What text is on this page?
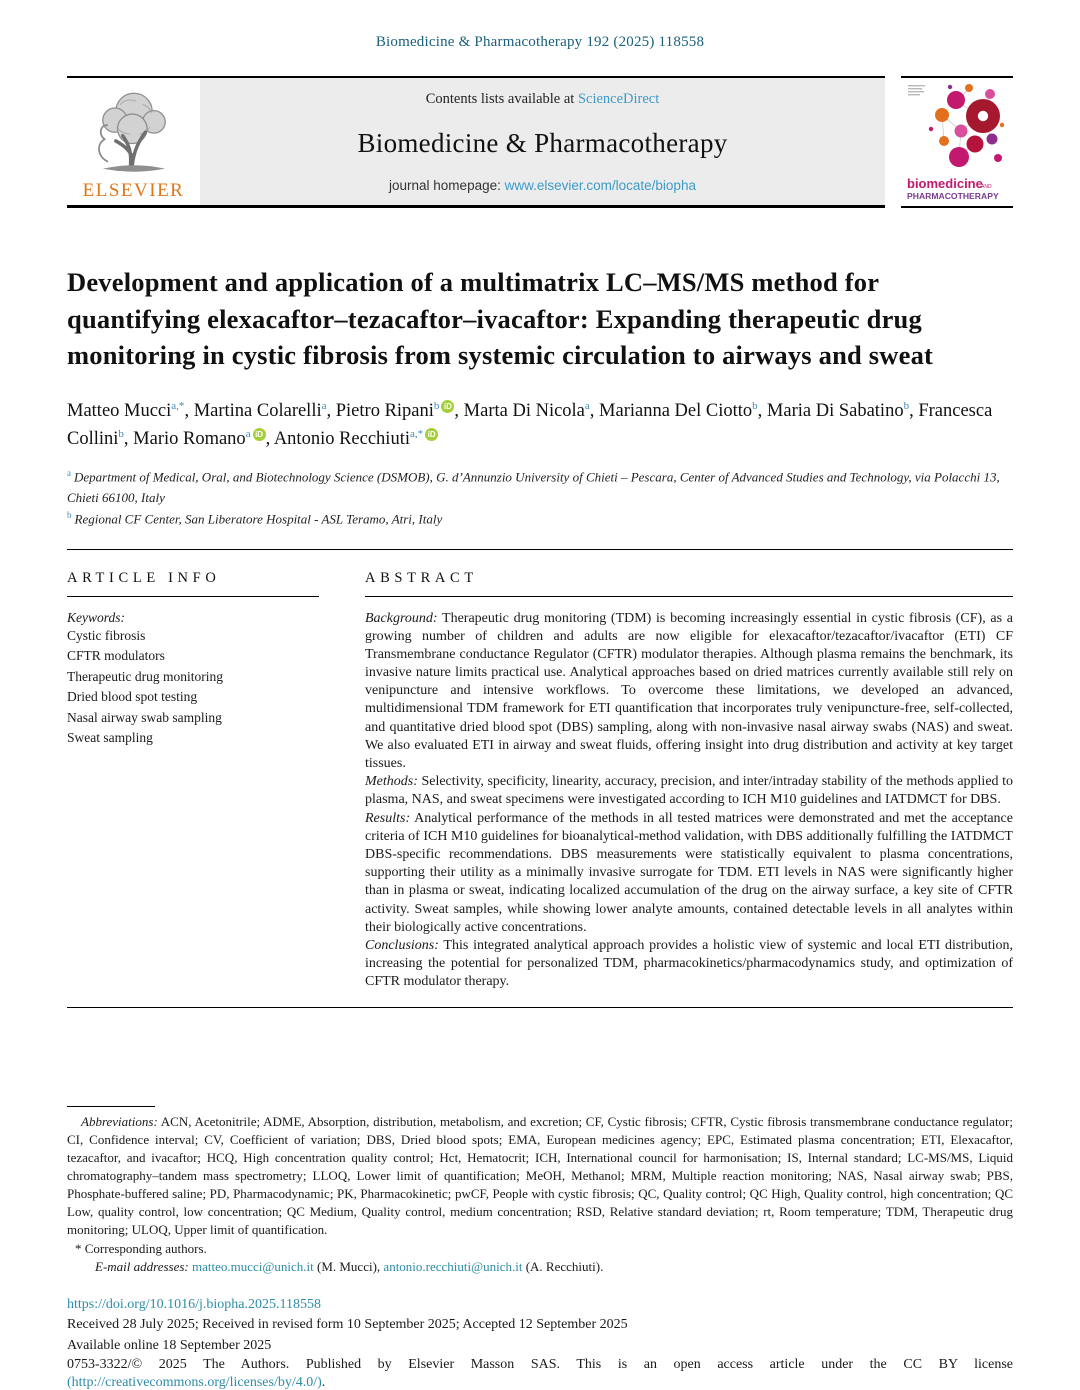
Biomedicine & Pharmacotherapy 192 (2025) 118558
ELSEVIER
Contents lists available at ScienceDirect
Biomedicine & Pharmacotherapy
journal homepage: www.elsevier.com/locate/biopha	biomedicine
AND
PHARMACOTHERAPY
Development and application of a multimatrix LC–MS/MS method for quantifying elexacaftor–tezacaftor–ivacaftor: Expanding therapeutic drug monitoring in cystic fibrosis from systemic circulation to airways and sweat
Matteo Mucci$^{a,*}$, Martina Colarelli$^a$, Pietro Ripani$^b$ iD , Marta Di Nicola$^a$, Marianna Del Ciotto$^b$, Maria Di Sabatino$^b$, Francesca Collini$^b$, Mario Romano$^a$ iD , Antonio Recchiuti$^{a,*}$ iD
$^a$ Department of Medical, Oral, and Biotechnology Science (DSMOB), G. d’Annunzio University of Chieti – Pescara, Center of Advanced Studies and Technology, via Polacchi 13, Chieti 66100, Italy
$^b$ Regional CF Center, San Liberatore Hospital - ASL Teramo, Atri, Italy
ARTICLE INFO
Keywords:
Cystic fibrosis
CFTR modulators
Therapeutic drug monitoring
Dried blood spot testing
Nasal airway swab sampling
Sweat sampling
ABSTRACT

Background: Therapeutic drug monitoring (TDM) is becoming increasingly essential in cystic fibrosis (CF), as a growing number of children and adults are now eligible for elexacaftor/tezacaftor/ivacaftor (ETI) CF Transmembrane conductance Regulator (CFTR) modulator therapies. Although plasma remains the benchmark, its invasive nature limits practical use. Analytical approaches based on dried matrices currently available still rely on venipuncture and intensive workflows. To overcome these limitations, we developed an advanced, multidimensional TDM framework for ETI quantification that incorporates truly venipuncture-free, self-collected, and quantitative dried blood spot (DBS) sampling, along with non-invasive nasal airway swabs (NAS) and sweat. We also evaluated ETI in airway and sweat fluids, offering insight into drug distribution and activity at key target tissues.

Methods: Selectivity, specificity, linearity, accuracy, precision, and inter/intraday stability of the methods applied to plasma, NAS, and sweat specimens were investigated according to ICH M10 guidelines and IATDMCT for DBS.

Results: Analytical performance of the methods in all tested matrices were demonstrated and met the acceptance criteria of ICH M10 guidelines for bioanalytical-method validation, with DBS additionally fulfilling the IATDMCT DBS-specific recommendations. DBS measurements were statistically equivalent to plasma concentrations, supporting their utility as a minimally invasive surrogate for TDM. ETI levels in NAS were significantly higher than in plasma or sweat, indicating localized accumulation of the drug on the airway surface, a key site of CFTR activity. Sweat samples, while showing lower analyte amounts, contained detectable levels in all analytes within their biologically active concentrations.

Conclusions: This integrated analytical approach provides a holistic view of systemic and local ETI distribution, increasing the potential for personalized TDM, pharmacokinetics/pharmacodynamics study, and optimization of CFTR modulator therapy.

Abbreviations: ACN, Acetonitrile; ADME, Absorption, distribution, metabolism, and excretion; CF, Cystic fibrosis; CFTR, Cystic fibrosis transmembrane conductance regulator; CI, Confidence interval; CV, Coefficient of variation; DBS, Dried blood spots; EMA, European medicines agency; EPC, Estimated plasma concentration; ETI, Elexacaftor, tezacaftor, and ivacaftor; HCQ, High concentration quality control; Hct, Hematocrit; ICH, International council for harmonisation; IS, Internal standard; LC-MS/MS, Liquid chromatography–tandem mass spectrometry; LLOQ, Lower limit of quantification; MeOH, Methanol; MRM, Multiple reaction monitoring; NAS, Nasal airway swab; PBS, Phosphate-buffered saline; PD, Pharmacodynamic; PK, Pharmacokinetic; pwCF, People with cystic fibrosis; QC, Quality control; QC High, Quality control, high concentration; QC Low, quality control, low concentration; QC Medium, Quality control, medium concentration; RSD, Relative standard deviation; rt, Room temperature; TDM, Therapeutic drug monitoring; ULOQ, Upper limit of quantification.
* Corresponding authors.
E-mail addresses: matteo.mucci@unich.it (M. Mucci), antonio.recchiuti@unich.it (A. Recchiuti).
https://doi.org/10.1016/j.biopha.2025.118558
Received 28 July 2025; Received in revised form 10 September 2025; Accepted 12 September 2025
Available online 18 September 2025
0753-3322/© 2025 The Authors. Published by Elsevier Masson SAS. This is an open access article under the CC BY license
(http://creativecommons.org/licenses/by/4.0/).
